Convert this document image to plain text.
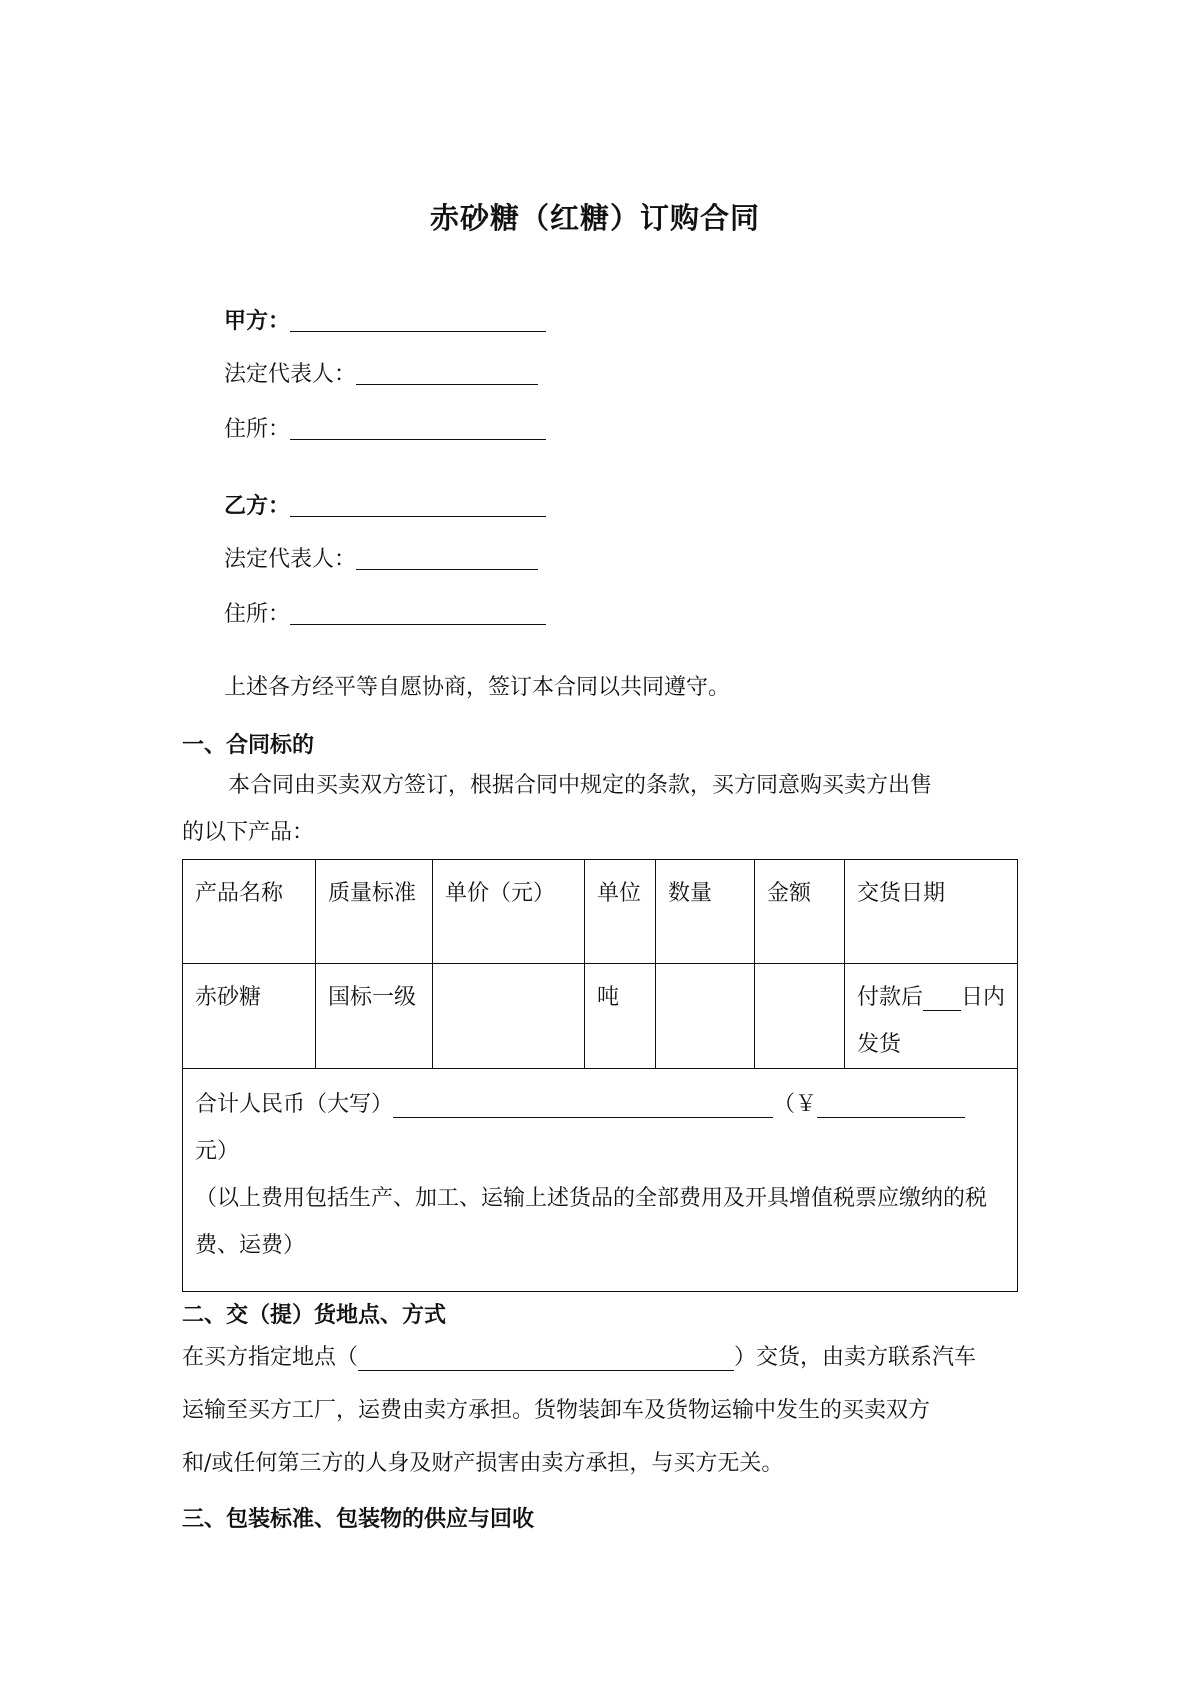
赤砂糖（红糖）订购合同
甲方：
法定代表人：
住所：
乙方：
法定代表人：
住所：
上述各方经平等自愿协商，签订本合同以共同遵守。
一、合同标的
本合同由买卖双方签订，根据合同中规定的条款，买方同意购买卖方出售
的以下产品：
产品名称	质量标准	单价（元）	单位	数量	金额	交货日期
赤砂糖	国标一级		吨			付款后 日内发货
合计人民币（大写） （￥元）
（以上费用包括生产、加工、运输上述货品的全部费用及开具增值税票应缴纳的税费、运费）						
二、交（提）货地点、方式
在买方指定地点（	）交货，由卖方联系汽车
运输至买方工厂，运费由卖方承担。货物装卸车及货物运输中发生的买卖双方
和/或任何第三方的人身及财产损害由卖方承担，与买方无关。
三、包装标准、包装物的供应与回收
